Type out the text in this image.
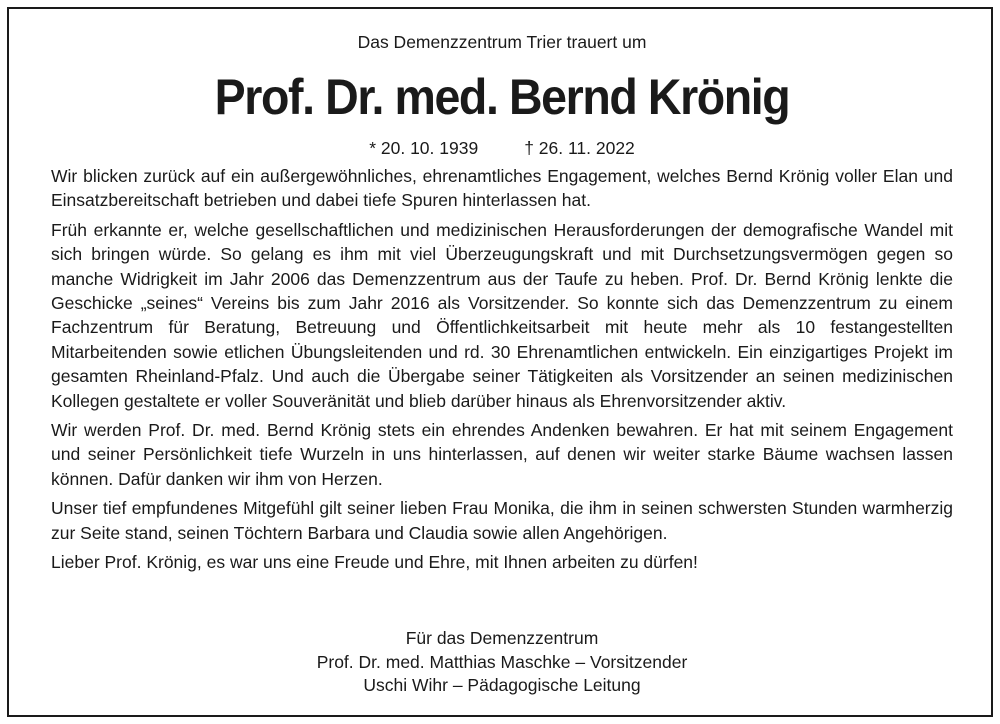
Das Demenzzentrum Trier trauert um
Prof. Dr. med. Bernd Krönig
* 20. 10. 1939	† 26. 11. 2022

Wir blicken zurück auf ein außergewöhnliches, ehrenamtliches Engagement, welches Bernd Krönig voller Elan und Einsatzbereitschaft betrieben und dabei tiefe Spuren hinterlassen hat.

Früh erkannte er, welche gesellschaftlichen und medizinischen Herausforderungen der demografische Wandel mit sich bringen würde. So gelang es ihm mit viel Überzeugungskraft und mit Durchsetzungsvermögen gegen so manche Widrigkeit im Jahr 2006 das Demenzzentrum aus der Taufe zu heben. Prof. Dr. Bernd Krönig lenkte die Geschicke „seines“ Vereins bis zum Jahr 2016 als Vorsitzender. So konnte sich das Demenzzentrum zu einem Fachzentrum für Beratung, Betreuung und Öffentlichkeitsarbeit mit heute mehr als 10 festangestellten Mitarbeitenden sowie etlichen Übungsleitenden und rd. 30 Ehrenamtlichen entwickeln. Ein einzigartiges Projekt im gesamten Rheinland-Pfalz. Und auch die Übergabe seiner Tätigkeiten als Vorsitzender an seinen medizinischen Kollegen gestaltete er voller Souveränität und blieb darüber hinaus als Ehrenvorsitzender aktiv.

Wir werden Prof. Dr. med. Bernd Krönig stets ein ehrendes Andenken bewahren. Er hat mit seinem Engagement und seiner Persönlichkeit tiefe Wurzeln in uns hinterlassen, auf denen wir weiter starke Bäume wachsen lassen können. Dafür danken wir ihm von Herzen.

Unser tief empfundenes Mitgefühl gilt seiner lieben Frau Monika, die ihm in seinen schwersten Stunden warmherzig zur Seite stand, seinen Töchtern Barbara und Claudia sowie allen Angehörigen.

Lieber Prof. Krönig, es war uns eine Freude und Ehre, mit Ihnen arbeiten zu dürfen!

Für das Demenzzentrum
Prof. Dr. med. Matthias Maschke – Vorsitzender
Uschi Wihr – Pädagogische Leitung
